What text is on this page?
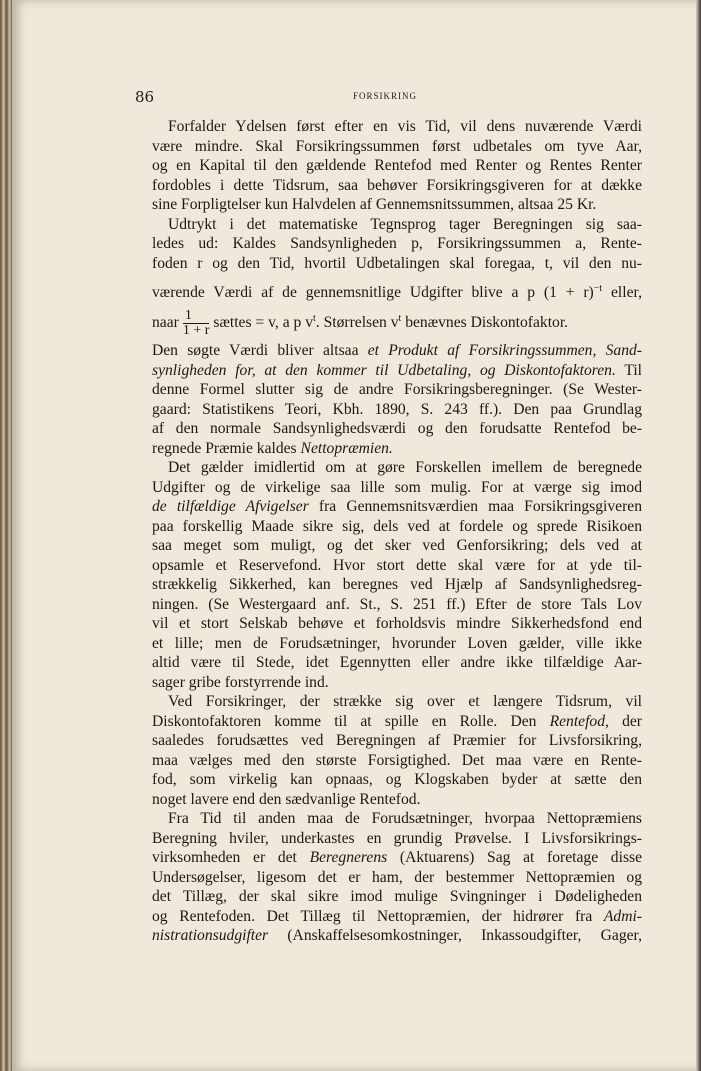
86	FORSIKRING
Forfalder Ydelsen først efter en vis Tid, vil dens nuværende Værdi
være mindre. Skal Forsikringssummen først udbetales om tyve Aar,
og en Kapital til den gældende Rentefod med Renter og Rentes Renter
fordobles i dette Tidsrum, saa behøver Forsikringsgiveren for at dække
sine Forpligtelser kun Halvdelen af Gennemsnitssummen, altsaa 25 Kr.
Udtrykt i det matematiske Tegnsprog tager Beregningen sig saa-
ledes ud: Kaldes Sandsynligheden p, Forsikringssummen a, Rente-
foden r og den Tid, hvortil Udbetalingen skal foregaa, t, vil den nu-
værende Værdi af de gennemsnitlige Udgifter blive a p $(1 + r)^{-t}$ eller,
naar $\frac{1}{1 + r}$ sættes = v, a p $v^t$. Størrelsen $v^t$ benævnes Diskontofaktor.
Den søgte Værdi bliver altsaa et Produkt af Forsikringssummen, Sand-
synligheden for, at den kommer til Udbetaling, og Diskontofaktoren. Til
denne Formel slutter sig de andre Forsikringsberegninger. (Se Wester-
gaard: Statistikens Teori, Kbh. 1890, S. 243 ff.). Den paa Grundlag
af den normale Sandsynlighedsværdi og den forudsatte Rentefod be-
regnede Præmie kaldes Nettopræmien.
Det gælder imidlertid om at gøre Forskellen imellem de beregnede
Udgifter og de virkelige saa lille som mulig. For at værge sig imod
de tilfældige Afvigelser fra Gennemsnitsværdien maa Forsikringsgiveren
paa forskellig Maade sikre sig, dels ved at fordele og sprede Risikoen
saa meget som muligt, og det sker ved Genforsikring; dels ved at
opsamle et Reservefond. Hvor stort dette skal være for at yde til-
strækkelig Sikkerhed, kan beregnes ved Hjælp af Sandsynlighedsreg-
ningen. (Se Westergaard anf. St., S. 251 ff.) Efter de store Tals Lov
vil et stort Selskab behøve et forholdsvis mindre Sikkerhedsfond end
et lille; men de Forudsætninger, hvorunder Loven gælder, ville ikke
altid være til Stede, idet Egennytten eller andre ikke tilfældige Aar-
sager gribe forstyrrende ind.
Ved Forsikringer, der strække sig over et længere Tidsrum, vil
Diskontofaktoren komme til at spille en Rolle. Den Rentefod, der
saaledes forudsættes ved Beregningen af Præmier for Livsforsikring,
maa vælges med den største Forsigtighed. Det maa være en Rente-
fod, som virkelig kan opnaas, og Klogskaben byder at sætte den
noget lavere end den sædvanlige Rentefod.
Fra Tid til anden maa de Forudsætninger, hvorpaa Nettopræmiens
Beregning hviler, underkastes en grundig Prøvelse. I Livsforsikrings-
virksomheden er det Beregnerens (Aktuarens) Sag at foretage disse
Undersøgelser, ligesom det er ham, der bestemmer Nettopræmien og
det Tillæg, der skal sikre imod mulige Svingninger i Dødeligheden
og Rentefoden. Det Tillæg til Nettopræmien, der hidrører fra Admi-
nistrationsudgifter (Anskaffelsesomkostninger, Inkassoudgifter, Gager,
